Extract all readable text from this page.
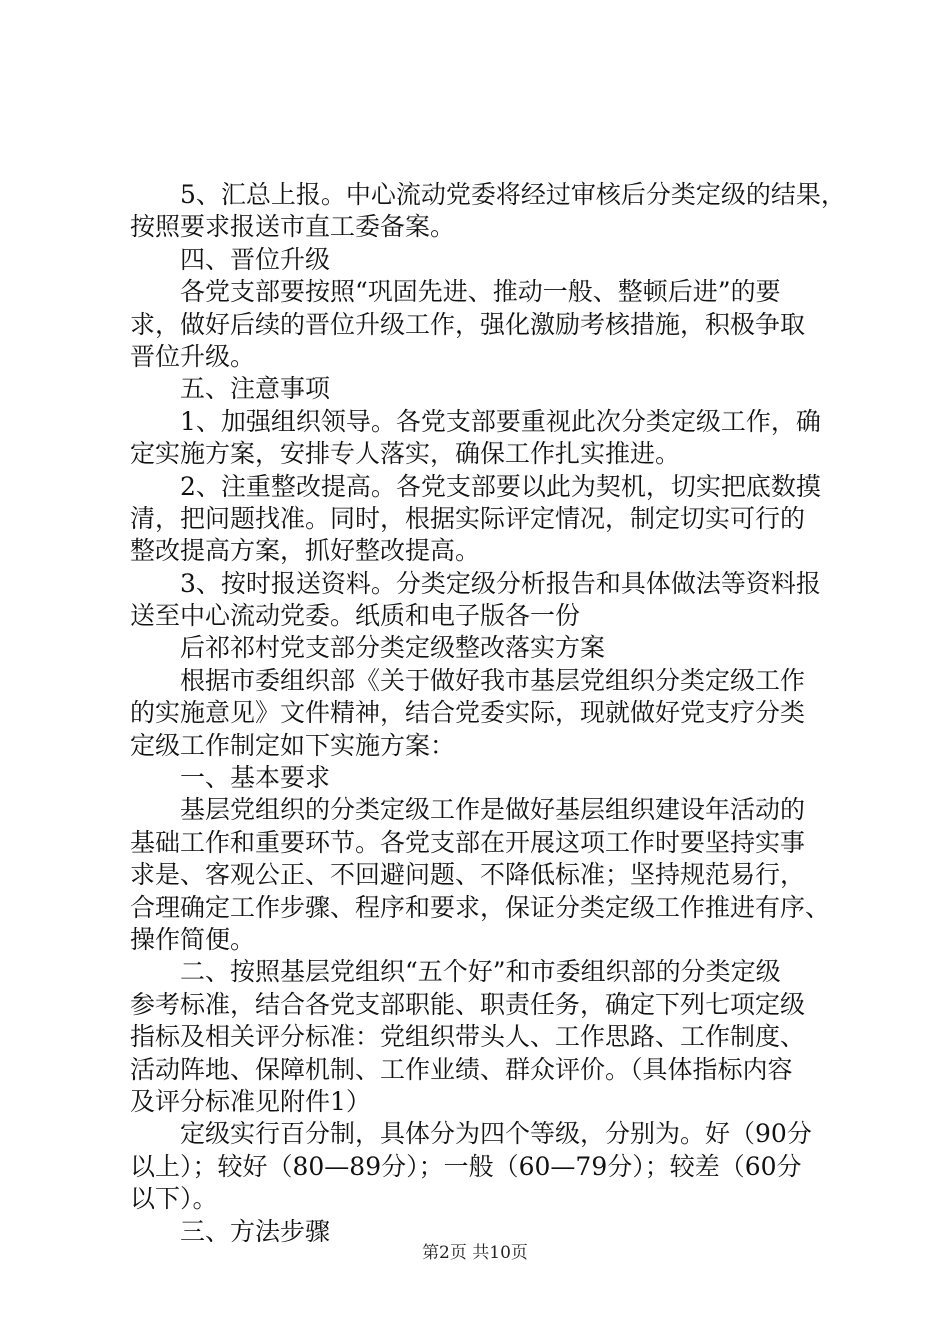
5、汇总上报。中心流动党委将经过审核后分类定级的结果，
按照要求报送市直工委备案。
四、晋位升级
各党支部要按照“巩固先进、推动一般、整顿后进”的要
求，做好后续的晋位升级工作，强化激励考核措施，积极争取
晋位升级。
五、注意事项
1、加强组织领导。各党支部要重视此次分类定级工作，确
定实施方案，安排专人落实，确保工作扎实推进。
2、注重整改提高。各党支部要以此为契机，切实把底数摸
清，把问题找准。同时，根据实际评定情况，制定切实可行的
整改提高方案，抓好整改提高。
3、按时报送资料。分类定级分析报告和具体做法等资料报
送至中心流动党委。纸质和电子版各一份
后祁祁村党支部分类定级整改落实方案
根据市委组织部《关于做好我市基层党组织分类定级工作
的实施意见》文件精神，结合党委实际，现就做好党支疗分类
定级工作制定如下实施方案：
一、基本要求
基层党组织的分类定级工作是做好基层组织建设年活动的
基础工作和重要环节。各党支部在开展这项工作时要坚持实事
求是、客观公正、不回避问题、不降低标准；坚持规范易行，
合理确定工作步骤、程序和要求，保证分类定级工作推进有序、
操作简便。
二、按照基层党组织“五个好”和市委组织部的分类定级
参考标准，结合各党支部职能、职责任务，确定下列七项定级
指标及相关评分标准：党组织带头人、工作思路、工作制度、
活动阵地、保障机制、工作业绩、群众评价。（具体指标内容
及评分标准见附件1）
定级实行百分制，具体分为四个等级，分别为。好（90分
以上）；较好（80—89分）；一般（60—79分）；较差（60分
以下）。
三、方法步骤
第2页 共10页
